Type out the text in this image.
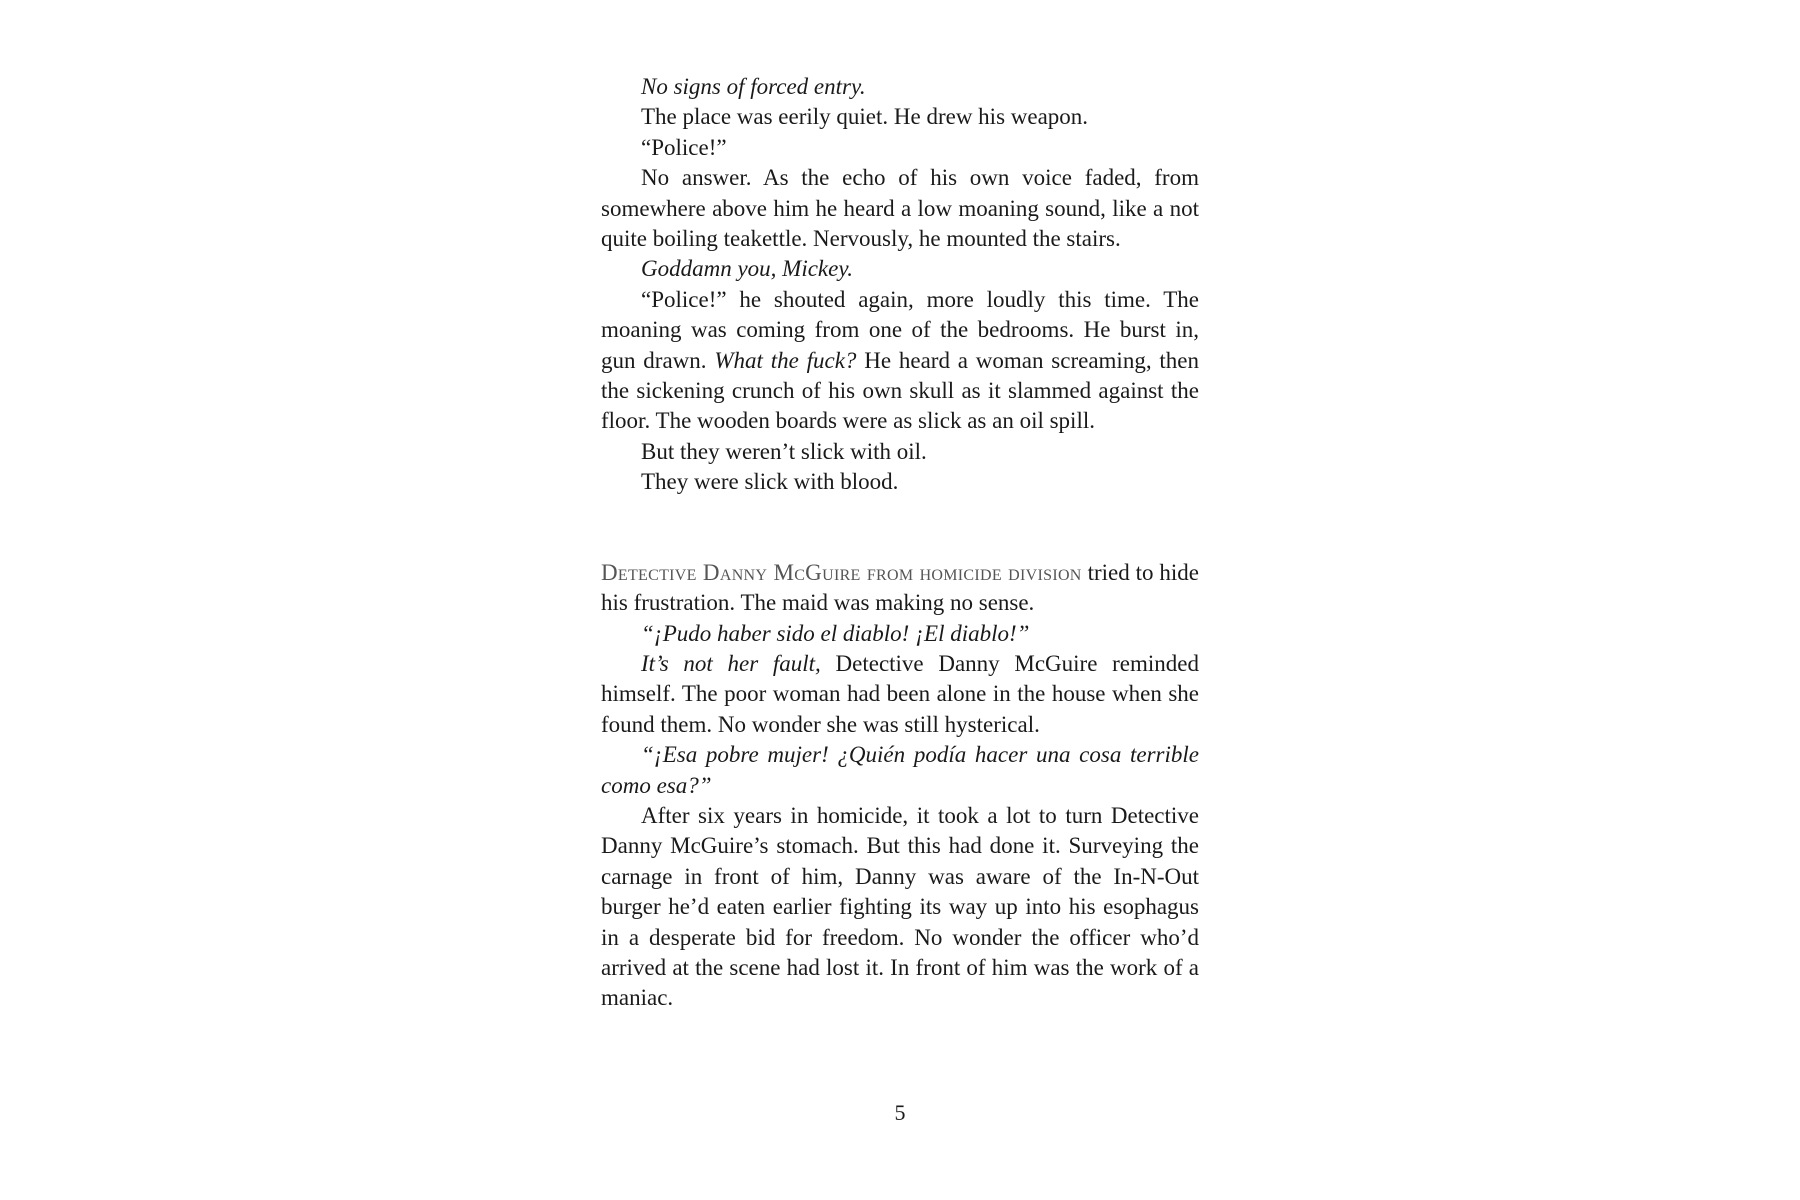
No signs of forced entry.

The place was eerily quiet. He drew his weapon.

“Police!”

No answer. As the echo of his own voice faded, from somewhere above him he heard a low moaning sound, like a not quite boiling teakettle. Nervously, he mounted the stairs.

Goddamn you, Mickey.

“Police!” he shouted again, more loudly this time. The moaning was coming from one of the bedrooms. He burst in, gun drawn. What the fuck? He heard a woman screaming, then the sickening crunch of his own skull as it slammed against the floor. The wooden boards were as slick as an oil spill.

But they weren’t slick with oil.

They were slick with blood.

Detective Danny McGuire from homicide division tried to hide his frustration. The maid was making no sense.

“¡Pudo haber sido el diablo! ¡El diablo!”

It’s not her fault, Detective Danny McGuire reminded himself. The poor woman had been alone in the house when she found them. No wonder she was still hysterical.

“¡Esa pobre mujer! ¿Quién podía hacer una cosa terrible como esa?”

After six years in homicide, it took a lot to turn Detective Danny McGuire’s stomach. But this had done it. Surveying the carnage in front of him, Danny was aware of the In-N-Out burger he’d eaten earlier fighting its way up into his esophagus in a desperate bid for freedom. No wonder the officer who’d arrived at the scene had lost it. In front of him was the work of a maniac.

5
